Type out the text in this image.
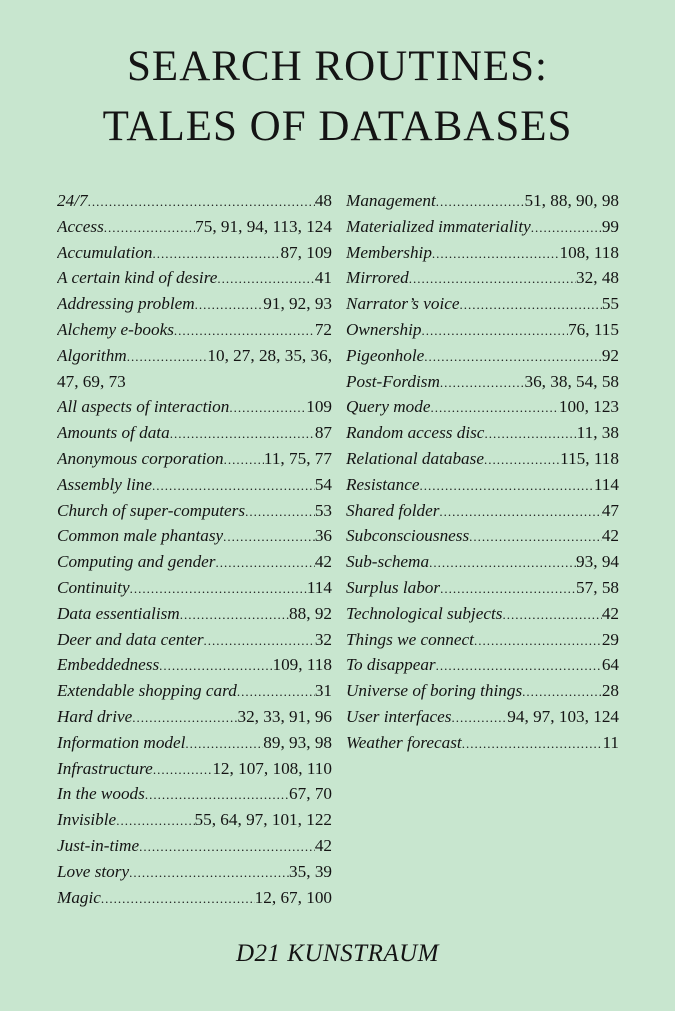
SEARCH ROUTINES:
TALES OF DATABASES
24/7 .....	48
Access .....	75, 91, 94, 113, 124
Accumulation .....	87, 109
A certain kind of desire .....	41
Addressing problem .....	91, 92, 93
Alchemy e-books .....	72
Algorithm .....	10, 27, 28, 35, 36,
47, 69, 73
All aspects of interaction .....	109
Amounts of data .....	87
Anonymous corporation ..... 11, 75, 77
Assembly line .....	54
Church of super-computers .....	53
Common male phantasy .....	36
Computing and gender .....	42
Continuity .....	114
Data essentialism .....	88, 92
Deer and data center .....	32
Embeddedness .....	109, 118
Extendable shopping card .....	31
Hard drive .....	32, 33, 91, 96
Information model .....	89, 93, 98
Infrastructure .....	12, 107, 108, 110
In the woods .....	67, 70
Invisible .....	55, 64, 97, 101, 122
Just-in-time .....	42
Love story .....	35, 39
Magic .....	12, 67, 100
Management .....	51, 88, 90, 98
Materialized immateriality .....	99
Membership .....	108, 118
Mirrored .....	32, 48
Narrator’s voice .....	55
Ownership .....	76, 115
Pigeonhole .....	92
Post-Fordism .....	36, 38, 54, 58
Query mode .....	100, 123
Random access disc .....	11, 38
Relational database .....	115, 118
Resistance .....	114
Shared folder .....	47
Subconsciousness .....	42
Sub-schema .....	93, 94
Surplus labor .....	57, 58
Technological subjects .....	42
Things we connect .....	29
To disappear .....	64
Universe of boring things .....	28
User interfaces .....	94, 97, 103, 124
Weather forecast .....	11
D21 KUNSTRAUM
